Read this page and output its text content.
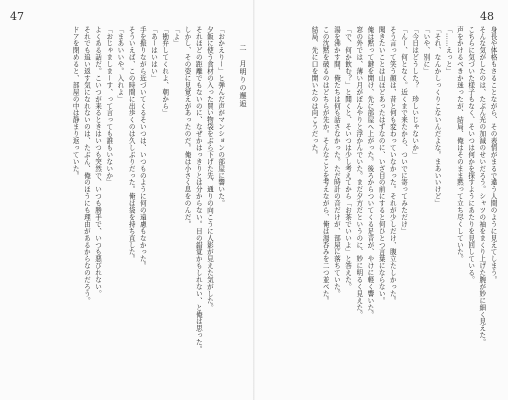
47	48
二　月明りの邂逅

「おかえりー」と弾んだ声がマンションの部屋に響いた。
夕飯に使う食材の入った買い物袋をぶら下げた先、通りの向こうに人影が見えた気がした。
それほどの距離でもないのに、なぜかはっきりとは分からない。目の錯覚かもしれない、と俺は思った。
しかし、その姿に見覚えがあったのだ。俺は小さく息をのんだ。
「よ」
「勘弁してくれよ、朝から」
「あーはいはい」
手を振りながら近づいてくるそいつは、いつものように何の遠慮もなかった。
そういえば、この時間に出歩くのは久しぶりだった。俺は袋を持ち直した。
「まあいいや。入れよ」
「おじゃましまーす、って言っても誰もいないか」
よくある話だ。こいつが来るときはいつも突然で、いつも勝手で、いつも悪びれない。
それでも追い返す気になれないのは、たぶん、俺のほうにも理由があるからなのだろう。
ドアを閉めると、部屋の中は静まり返っていた。	身長や体格もさることながら、その表情がまるで違う人間のように見えてしまう。
そんな気がしたのは、たぶん光の加減のせいだろう。シャツの袖をまくり上げた腕が妙に細く見えた。
こちらに気づいた様子もなく、そいつは何かを探すようにあたりを見回している。
声をかけるべきか迷ったが、結局、俺はそのまま黙って立ち尽くしていた。
「……えっと」
「それ、なんかしっくりこないんだよな。まあいいけど」
「いや、別に」
「今日はどうした？　珍しいじゃないか」
「んー、何となく。近くまで来たから、ついでに寄ってみただけ」
そう言って笑う顔は、昔と何も変わっていなかった。それが少しだけ、腹立たしかった。
聞きたいことは山ほどあったはずなのに、いざ目の前にすると何ひとつ言葉にならない。
俺は黙って鍵を開け、先に部屋へ上がった。後ろからついてくる足音が、やけに軽く響いた。
窓の外では、薄い月がぼんやりと浮かんでいた。まだ夕方だというのに、妙に明るく見えた。
「で、何か飲む？」と聞くと、そいつは少し考えてから「お茶でいいよ」と答えた。
湯を沸かす間、俺たちは何も話さなかった。ただ時計の音だけが、部屋に落ちていた。
この沈黙を破るのはどちらが先か。そんなことを考えながら、俺は湯呑みを二つ並べた。
結局、先に口を開いたのは向こうだった。
